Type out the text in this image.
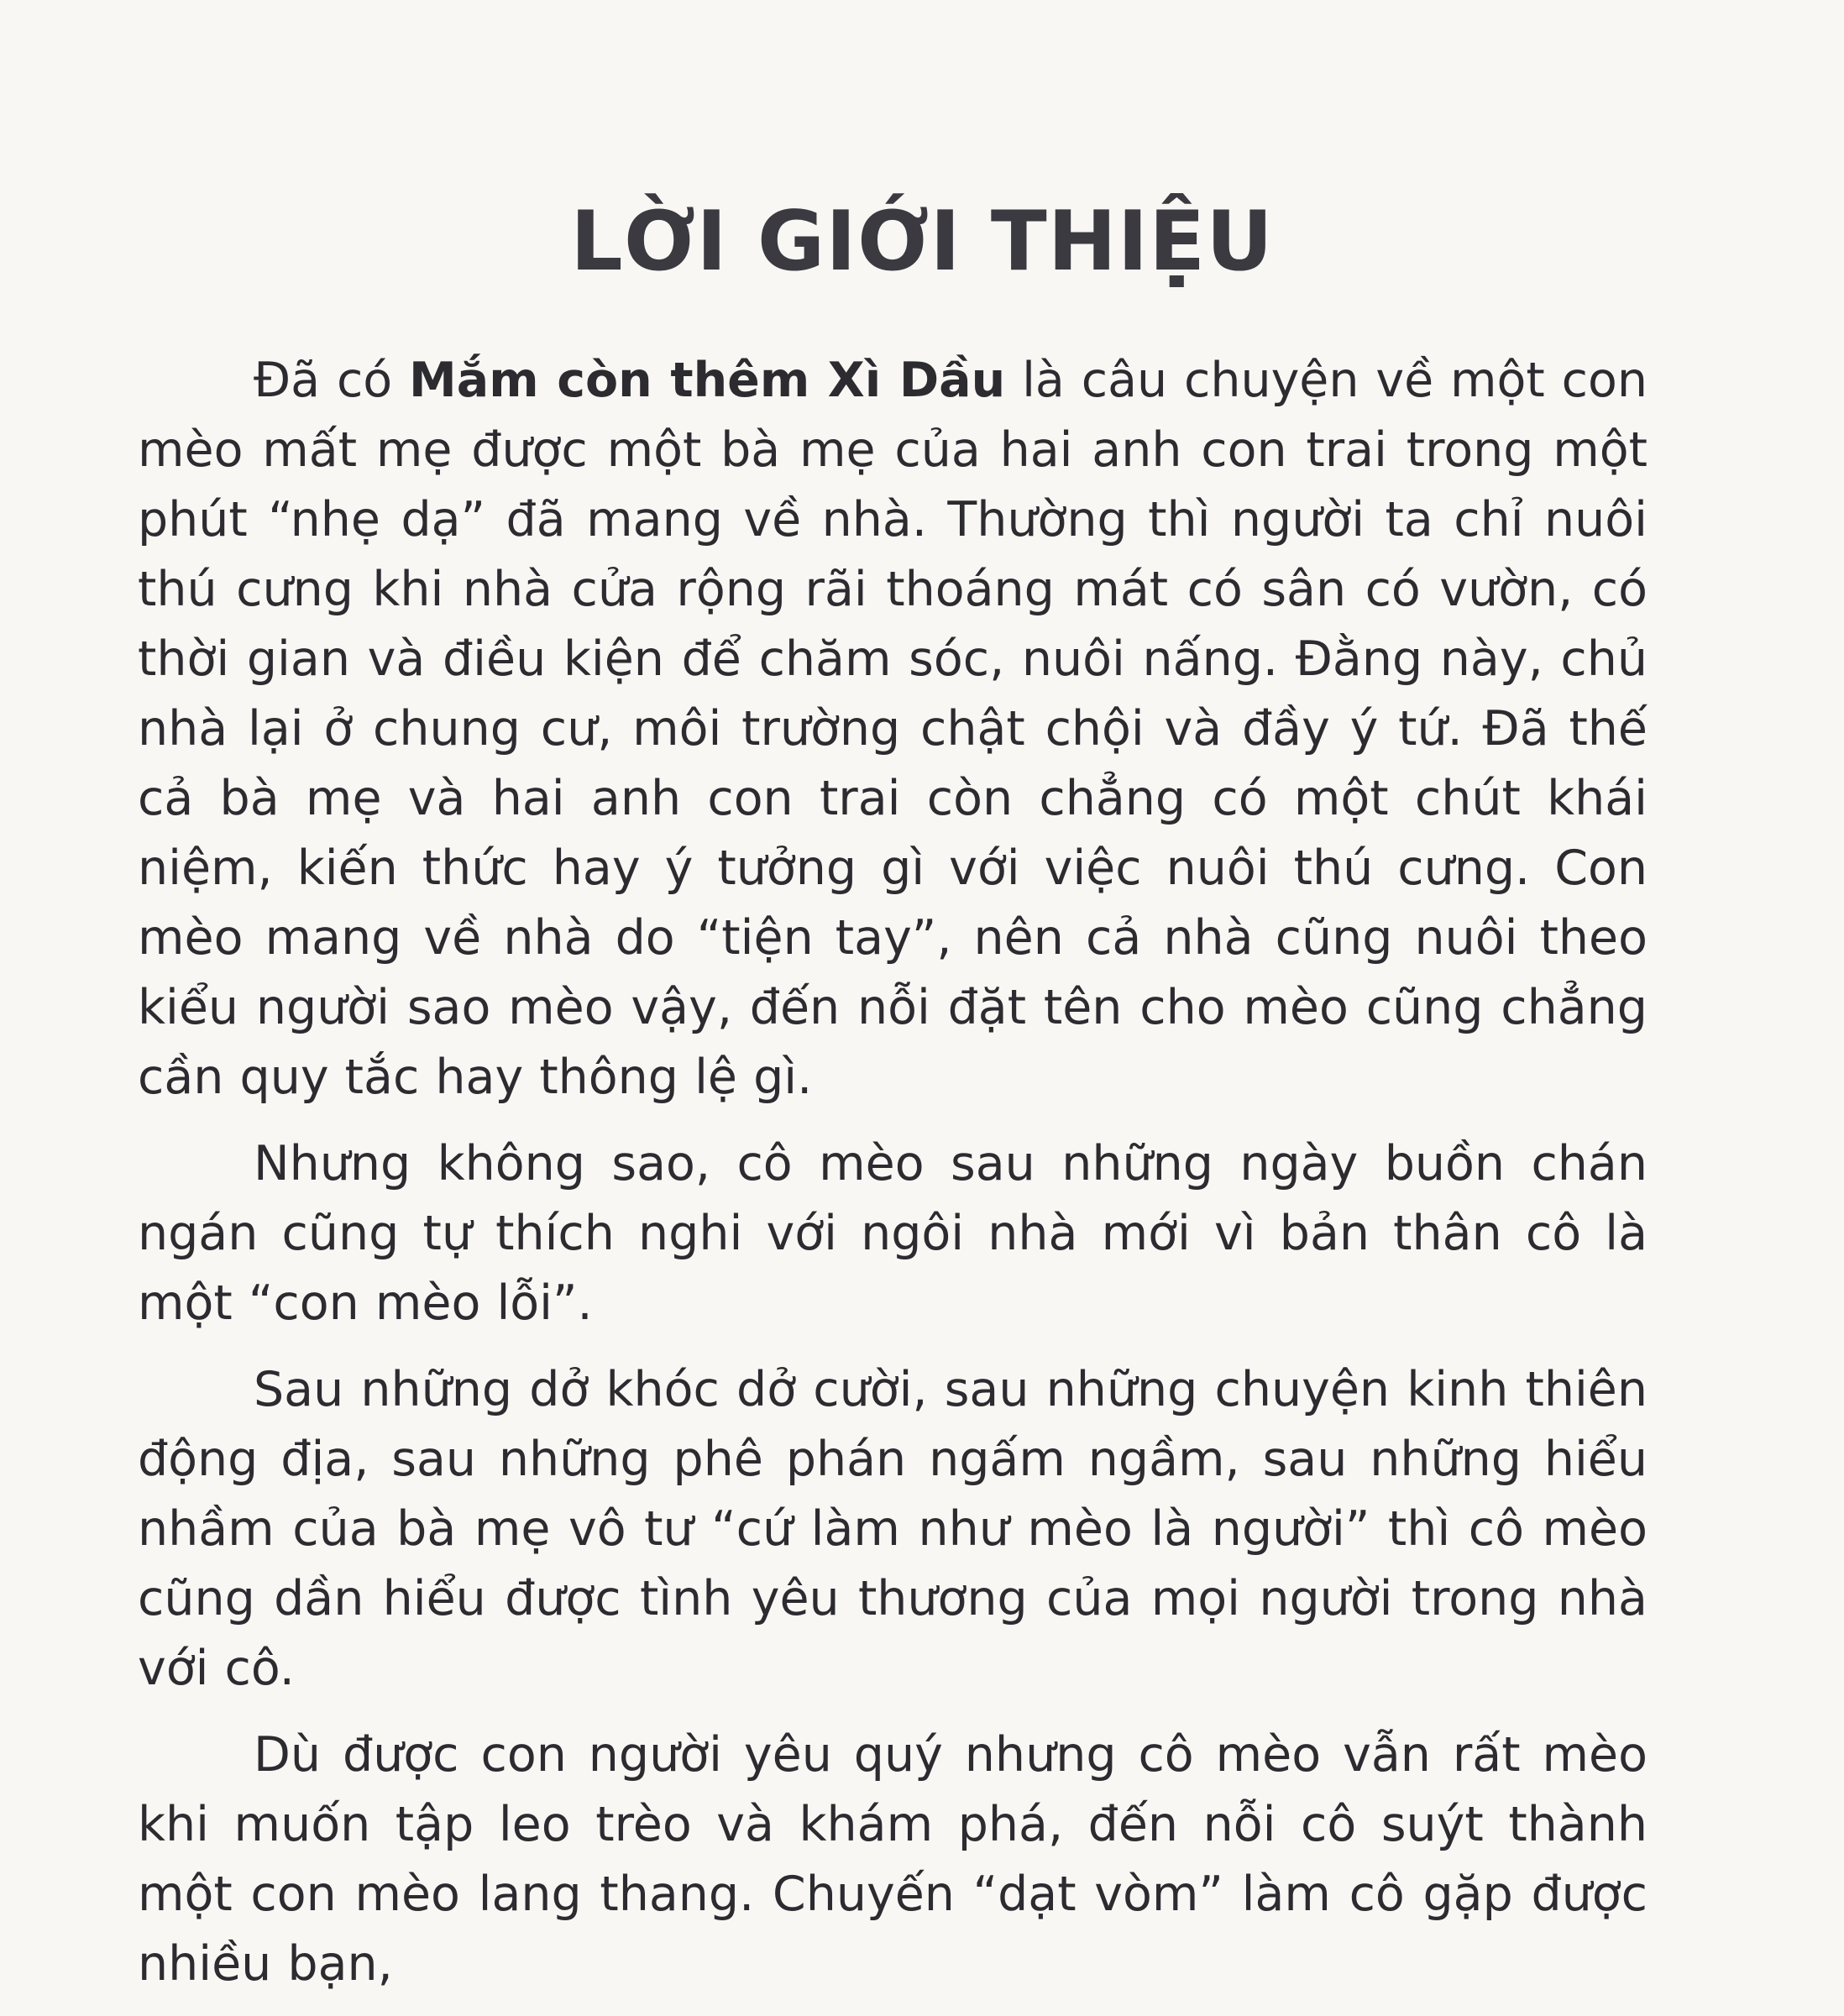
LỜI GIỚI THIỆU

Đã có Mắm còn thêm Xì Dầu là câu chuyện về một con mèo mất mẹ được một bà mẹ của hai anh con trai trong một phút “nhẹ dạ” đã mang về nhà. Thường thì người ta chỉ nuôi thú cưng khi nhà cửa rộng rãi thoáng mát có sân có vườn, có thời gian và điều kiện để chăm sóc, nuôi nấng. Đằng này, chủ nhà lại ở chung cư, môi trường chật chội và đầy ý tứ. Đã thế cả bà mẹ và hai anh con trai còn chẳng có một chút khái niệm, kiến thức hay ý tưởng gì với việc nuôi thú cưng. Con mèo mang về nhà do “tiện tay”, nên cả nhà cũng nuôi theo kiểu người sao mèo vậy, đến nỗi đặt tên cho mèo cũng chẳng cần quy tắc hay thông lệ gì.

Nhưng không sao, cô mèo sau những ngày buồn chán ngán cũng tự thích nghi với ngôi nhà mới vì bản thân cô là một “con mèo lỗi”.

Sau những dở khóc dở cười, sau những chuyện kinh thiên động địa, sau những phê phán ngấm ngầm, sau những hiểu nhầm của bà mẹ vô tư “cứ làm như mèo là người” thì cô mèo cũng dần hiểu được tình yêu thương của mọi người trong nhà với cô.

Dù được con người yêu quý nhưng cô mèo vẫn rất mèo khi muốn tập leo trèo và khám phá, đến nỗi cô suýt thành một con mèo lang thang. Chuyến “dạt vòm” làm cô gặp được nhiều bạn,
